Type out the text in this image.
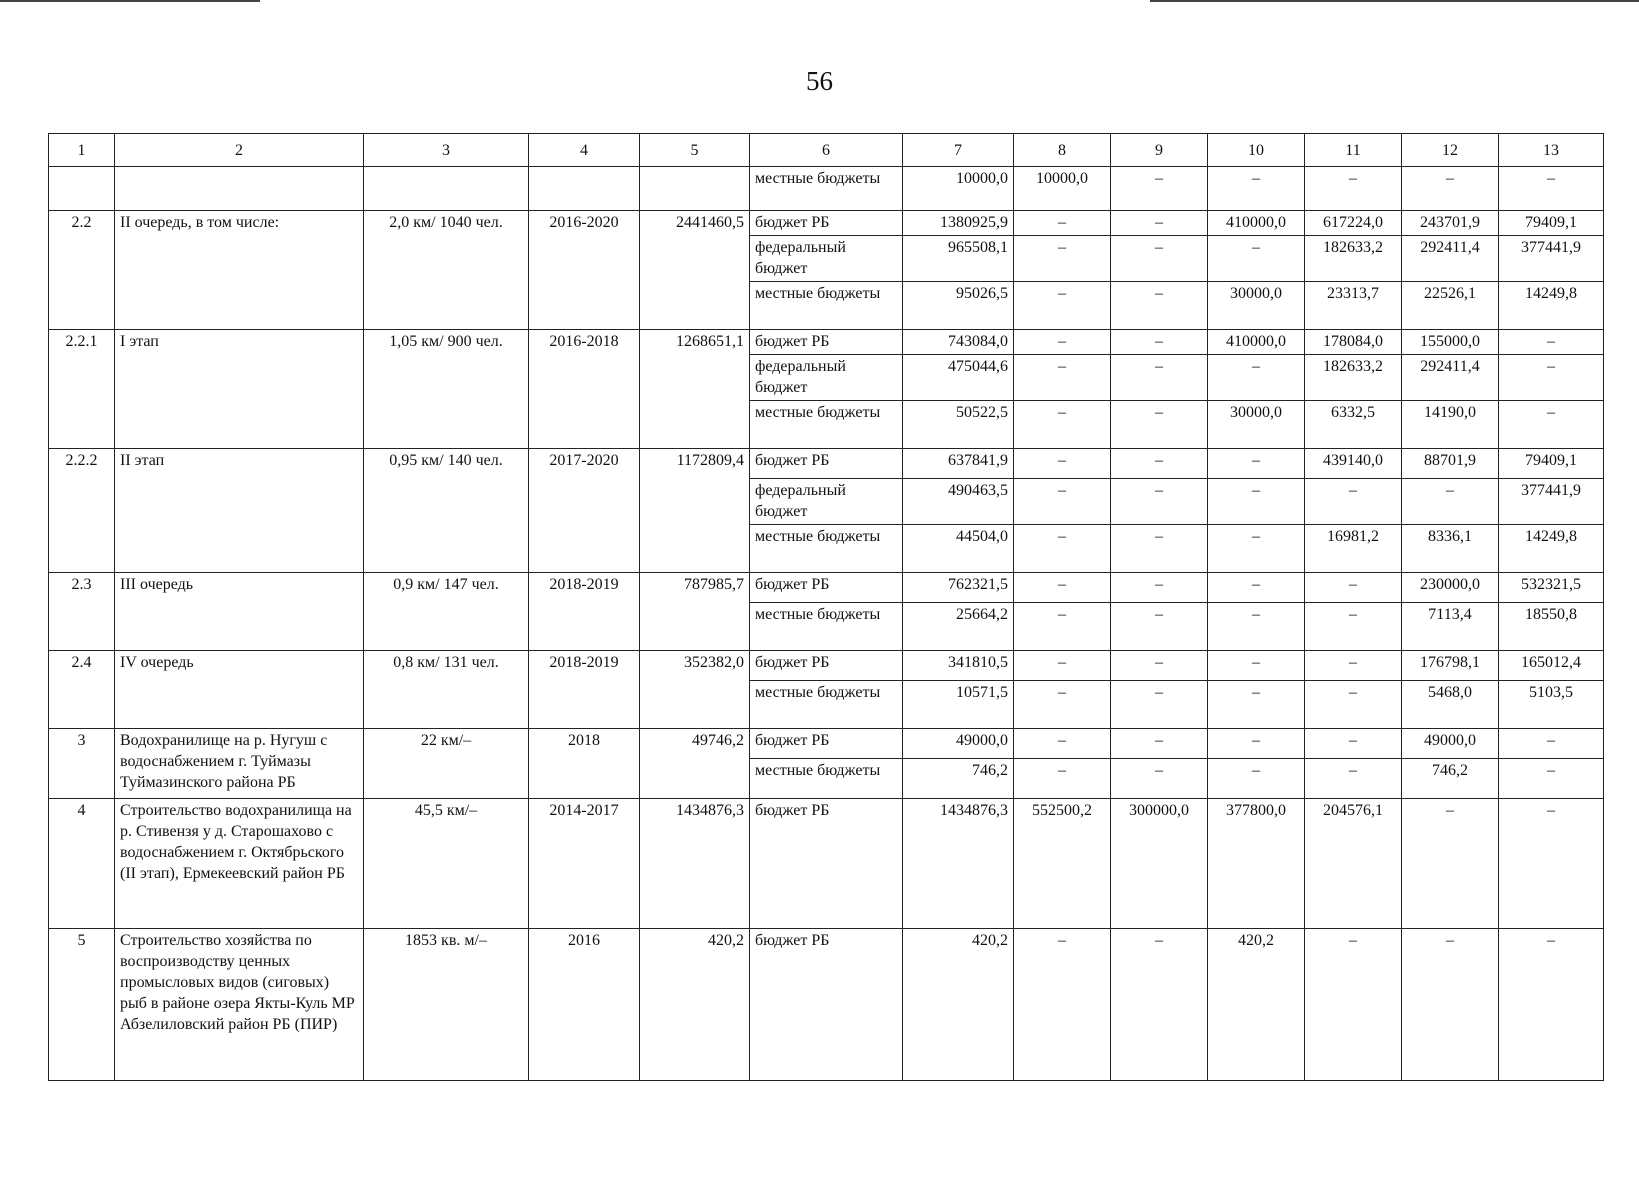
56
1	2	3	4	5	6	7	8	9	10	11	12	13
					местные бюджеты	10000,0	10000,0	–	–	–	–	–
2.2	II очередь, в том числе:	2,0 км/ 1040 чел.	2016-2020	2441460,5	бюджет РБ	1380925,9	–	–	410000,0	617224,0	243701,9	79409,1
					федеральный бюджет	965508,1	–	–	–	182633,2	292411,4	377441,9
					местные бюджеты	95026,5	–	–	30000,0	23313,7	22526,1	14249,8
2.2.1	I этап	1,05 км/ 900 чел.	2016-2018	1268651,1	бюджет РБ	743084,0	–	–	410000,0	178084,0	155000,0	–
					федеральный бюджет	475044,6	–	–	–	182633,2	292411,4	–
					местные бюджеты	50522,5	–	–	30000,0	6332,5	14190,0	–
2.2.2	II этап	0,95 км/ 140 чел.	2017-2020	1172809,4	бюджет РБ	637841,9	–	–	–	439140,0	88701,9	79409,1
					федеральный бюджет	490463,5	–	–	–	–	–	377441,9
					местные бюджеты	44504,0	–	–	–	16981,2	8336,1	14249,8
2.3	III очередь	0,9 км/ 147 чел.	2018-2019	787985,7	бюджет РБ	762321,5	–	–	–	–	230000,0	532321,5
					местные бюджеты	25664,2	–	–	–	–	7113,4	18550,8
2.4	IV очередь	0,8 км/ 131 чел.	2018-2019	352382,0	бюджет РБ	341810,5	–	–	–	–	176798,1	165012,4
					местные бюджеты	10571,5	–	–	–	–	5468,0	5103,5
3	Водохранилище на р. Нугуш с водоснабжением г. Туймазы Туймазинского района РБ	22 км/–	2018	49746,2	бюджет РБ	49000,0	–	–	–	–	49000,0	–
					местные бюджеты	746,2	–	–	–	–	746,2	–
4	Строительство водохранилища на р. Стивензя у д. Старошахово с водоснабжением г. Октябрьского (II этап), Ермекеевский район РБ	45,5 км/–	2014-2017	1434876,3	бюджет РБ	1434876,3	552500,2	300000,0	377800,0	204576,1	–	–
5	Строительство хозяйства по воспроизводству ценных промысловых видов (сиговых) рыб в районе озера Якты-Куль МР Абзелиловский район РБ (ПИР)	1853 кв. м/–	2016	420,2	бюджет РБ	420,2	–	–	420,2	–	–	–
